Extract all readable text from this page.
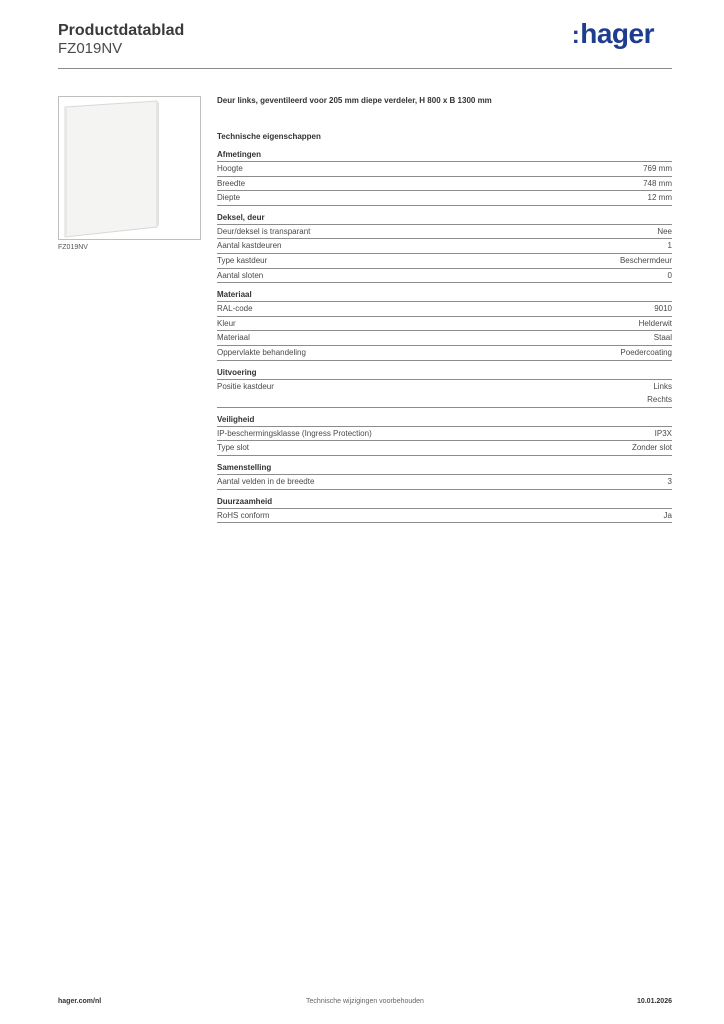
Productdatablad
FZ019NV	:hager
FZ019NV
Deur links, geventileerd voor 205 mm diepe verdeler, H 800 x B 1300 mm
Technische eigenschappen
Afmetingen
Hoogte	769 mm
Breedte	748 mm
Diepte	12 mm
Deksel, deur
Deur/deksel is transparant	Nee
Aantal kastdeuren	1
Type kastdeur	Beschermdeur
Aantal sloten	0
Materiaal
RAL-code	9010
Kleur	Helderwit
Materiaal	Staal
Oppervlakte behandeling	Poedercoating
Uitvoering
Positie kastdeur	Links
Rechts
Veiligheid
IP-beschermingsklasse (Ingress Protection)	IP3X
Type slot	Zonder slot
Samenstelling
Aantal velden in de breedte	3
Duurzaamheid
RoHS conform	Ja
hager.com/nl	Technische wijzigingen voorbehouden	10.01.2026
